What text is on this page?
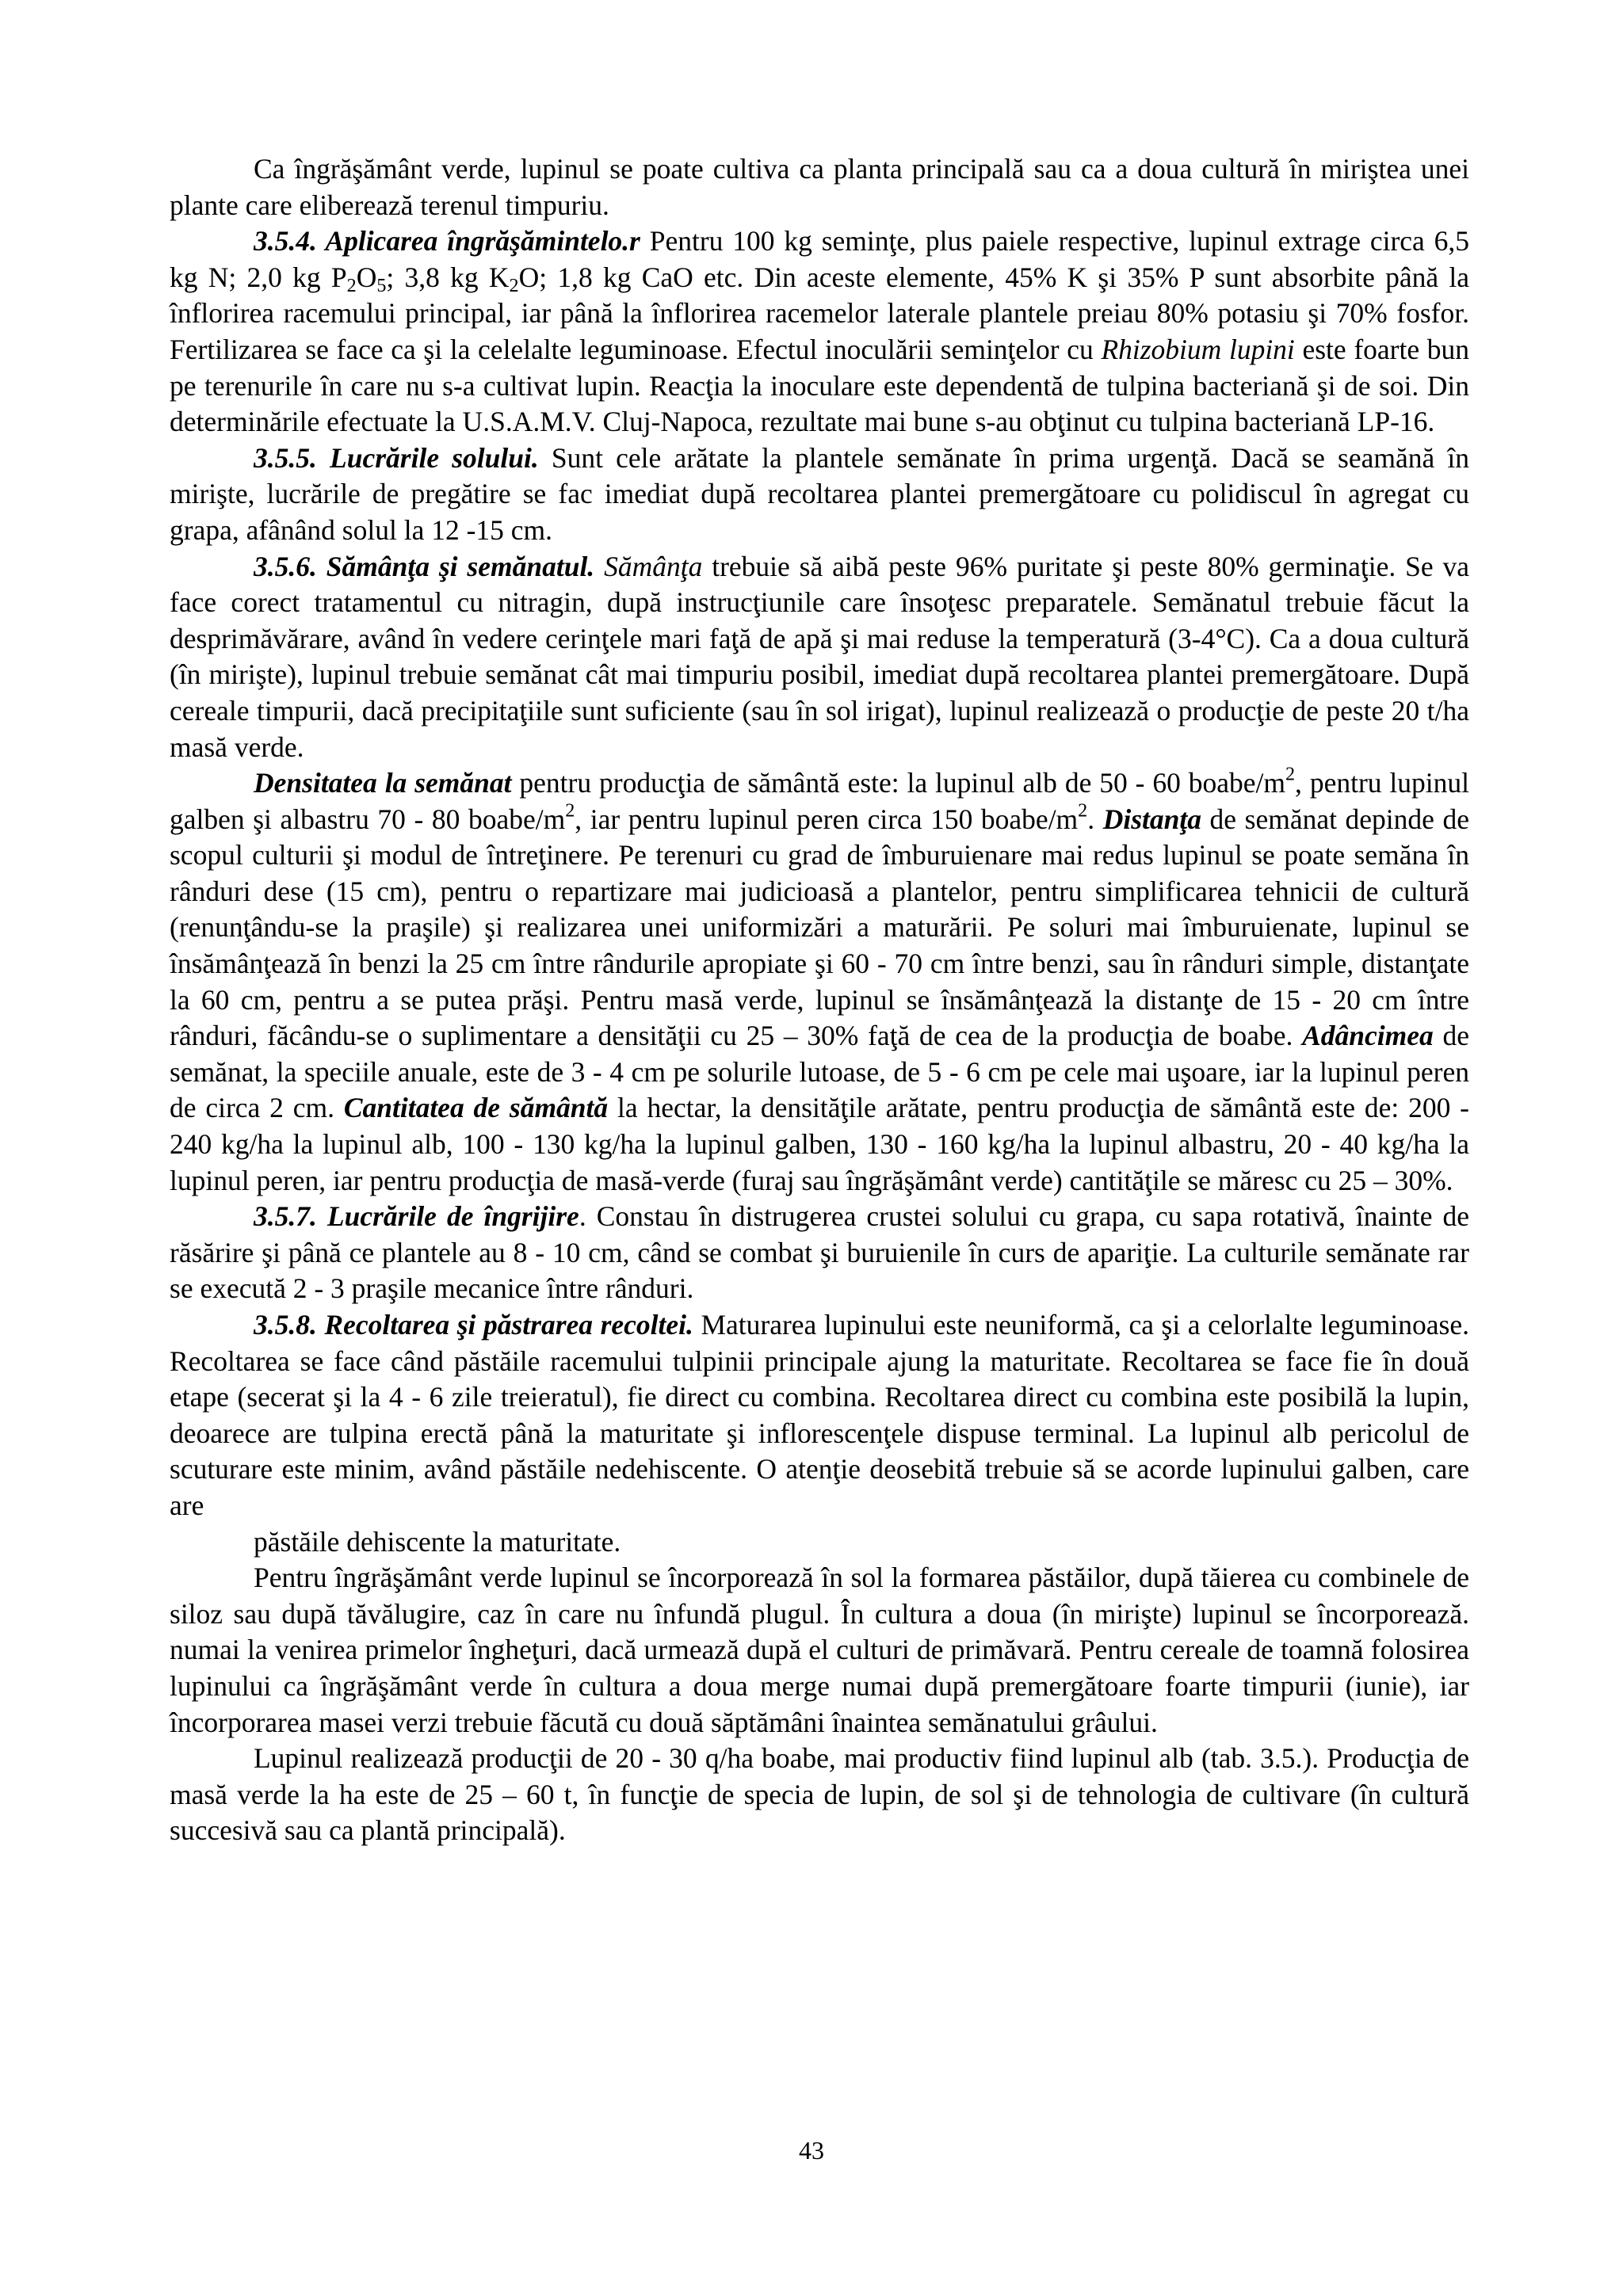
Ca îngrăşământ verde, lupinul se poate cultiva ca planta principală sau ca a doua cultură în miriştea unei plante care eliberează terenul timpuriu.

3.5.4. Aplicarea îngrăşămintelo.r Pentru 100 kg seminţe, plus paiele respective, lupinul extrage circa 6,5 kg N; 2,0 kg $P_2O_5$; 3,8 kg $K_2O$; 1,8 kg CaO etc. Din aceste elemente, 45% K şi 35% P sunt absorbite până la înflorirea racemului principal, iar până la înflorirea racemelor laterale plantele preiau 80% potasiu şi 70% fosfor. Fertilizarea se face ca şi la celelalte leguminoase. Efectul inoculării seminţelor cu Rhizobium lupini este foarte bun pe terenurile în care nu s-a cultivat lupin. Reacţia la inoculare este dependentă de tulpina bacteriană şi de soi. Din determinările efectuate la U.S.A.M.V. Cluj-Napoca, rezultate mai bune s-au obţinut cu tulpina bacteriană LP-16.

3.5.5. Lucrările solului. Sunt cele arătate la plantele semănate în prima urgenţă. Dacă se seamănă în mirişte, lucrările de pregătire se fac imediat după recoltarea plantei premergătoare cu polidiscul în agregat cu grapa, afânând solul la 12 -15 cm.

3.5.6. Sămânţa şi semănatul. Sămânţa trebuie să aibă peste 96% puritate şi peste 80% germinaţie. Se va face corect tratamentul cu nitragin, după instrucţiunile care însoţesc preparatele. Semănatul trebuie făcut la desprimăvărare, având în vedere cerinţele mari faţă de apă şi mai reduse la temperatură (3-4°C). Ca a doua cultură (în mirişte), lupinul trebuie semănat cât mai timpuriu posibil, imediat după recoltarea plantei premergătoare. După cereale timpurii, dacă precipitaţiile sunt suficiente (sau în sol irigat), lupinul realizează o producţie de peste 20 t/ha masă verde.

Densitatea la semănat pentru producţia de sământă este: la lupinul alb de 50 - 60 boabe/$m^2$, pentru lupinul galben şi albastru 70 - 80 boabe/$m^2$, iar pentru lupinul peren circa 150 boabe/$m^2$. Distanţa de semănat depinde de scopul culturii şi modul de întreţinere. Pe terenuri cu grad de îmburuienare mai redus lupinul se poate semăna în rânduri dese (15 cm), pentru o repartizare mai judicioasă a plantelor, pentru simplificarea tehnicii de cultură (renunţându-se la praşile) şi realizarea unei uniformizări a maturării. Pe soluri mai îmburuienate, lupinul se însămânţează în benzi la 25 cm între rândurile apropiate şi 60 - 70 cm între benzi, sau în rânduri simple, distanţate la 60 cm, pentru a se putea prăşi. Pentru masă verde, lupinul se însămânţează la distanţe de 15 - 20 cm între rânduri, făcându-se o suplimentare a densităţii cu 25 – 30% faţă de cea de la producţia de boabe. Adâncimea de semănat, la speciile anuale, este de 3 - 4 cm pe solurile lutoase, de 5 - 6 cm pe cele mai uşoare, iar la lupinul peren de circa 2 cm. Cantitatea de sământă la hectar, la densităţile arătate, pentru producţia de sământă este de: 200 - 240 kg/ha la lupinul alb, 100 - 130 kg/ha la lupinul galben, 130 - 160 kg/ha la lupinul albastru, 20 - 40 kg/ha la lupinul peren, iar pentru producţia de masă-verde (furaj sau îngrăşământ verde) cantităţile se măresc cu 25 – 30%.

3.5.7. Lucrările de îngrijire. Constau în distrugerea crustei solului cu grapa, cu sapa rotativă, înainte de răsărire şi până ce plantele au 8 - 10 cm, când se combat şi buruienile în curs de apariţie. La culturile semănate rar se execută 2 - 3 praşile mecanice între rânduri.

3.5.8. Recoltarea şi păstrarea recoltei. Maturarea lupinului este neuniformă, ca şi a celorlalte leguminoase. Recoltarea se face când păstăile racemului tulpinii principale ajung la maturitate. Recoltarea se face fie în două etape (secerat şi la 4 - 6 zile treieratul), fie direct cu combina. Recoltarea direct cu combina este posibilă la lupin, deoarece are tulpina erectă până la maturitate şi inflorescenţele dispuse terminal. La lupinul alb pericolul de scuturare este minim, având păstăile nedehiscente. O atenţie deosebită trebuie să se acorde lupinului galben, care are

păstăile dehiscente la maturitate.

Pentru îngrăşământ verde lupinul se încorporează în sol la formarea păstăilor, după tăierea cu combinele de siloz sau după tăvălugire, caz în care nu înfundă plugul. În cultura a doua (în mirişte) lupinul se încorporează. numai la venirea primelor îngheţuri, dacă urmează după el culturi de primăvară. Pentru cereale de toamnă folosirea lupinului ca îngrăşământ verde în cultura a doua merge numai după premergătoare foarte timpurii (iunie), iar încorporarea masei verzi trebuie făcută cu două săptămâni înaintea semănatului grâului.

Lupinul realizează producţii de 20 - 30 q/ha boabe, mai productiv fiind lupinul alb (tab. 3.5.). Producţia de masă verde la ha este de 25 – 60 t, în funcţie de specia de lupin, de sol şi de tehnologia de cultivare (în cultură succesivă sau ca plantă principală).

43
